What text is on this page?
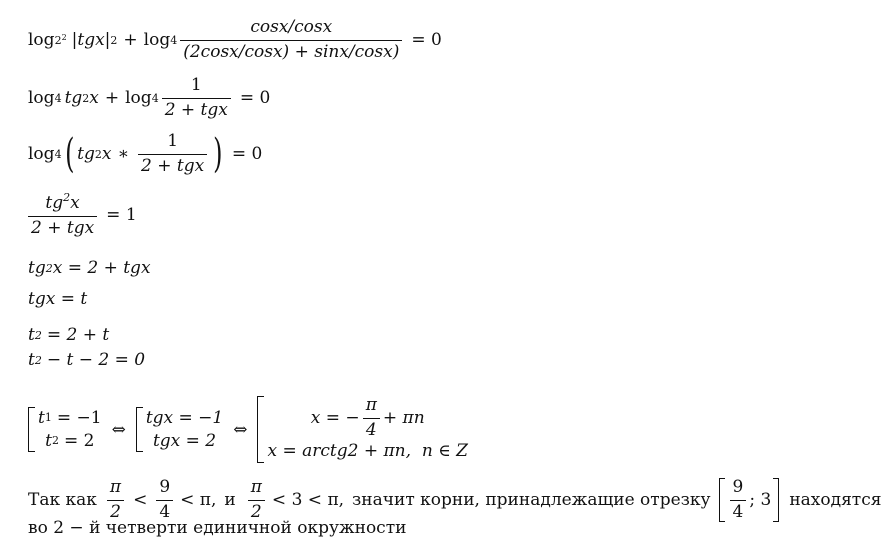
$\log 2^2$ |tgx| $2 + \log 4 \frac{\cos x/\cos x}{(2\cos x/\cos x) + \sin x/\cos x)} = 0$
log 4 tg 2 $x + \log 4 \frac{1}{\text{2 + tgx}} = 0$
log 4 ( tg 2 x ∗ $\frac{1}{\text{2 + tgx}}$ ) = 0
$\frac{tg^2x}{\text{2 + tgx}} = 1$
tg 2 x = 2 + tgx
tgx = t
t 2 = 2 + t
t 2 − t − 2 = 0
t 1 = −1
t 2 = 2
⇔
tgx = −1
tgx = 2
⇔
x = − $\frac{\pi}{4} + \pi n$
x = arctg2 + πn,  n ∈ Z
Так как $\frac{\pi}{2} < \frac{9}{4} < \pi$, и $\frac{\pi}{2} < 3 < \pi$, значит корни, принадлежащие отрезку $\frac{9}{4}$ ; 3 находятся
во 2 − й четверти единичной окружности
